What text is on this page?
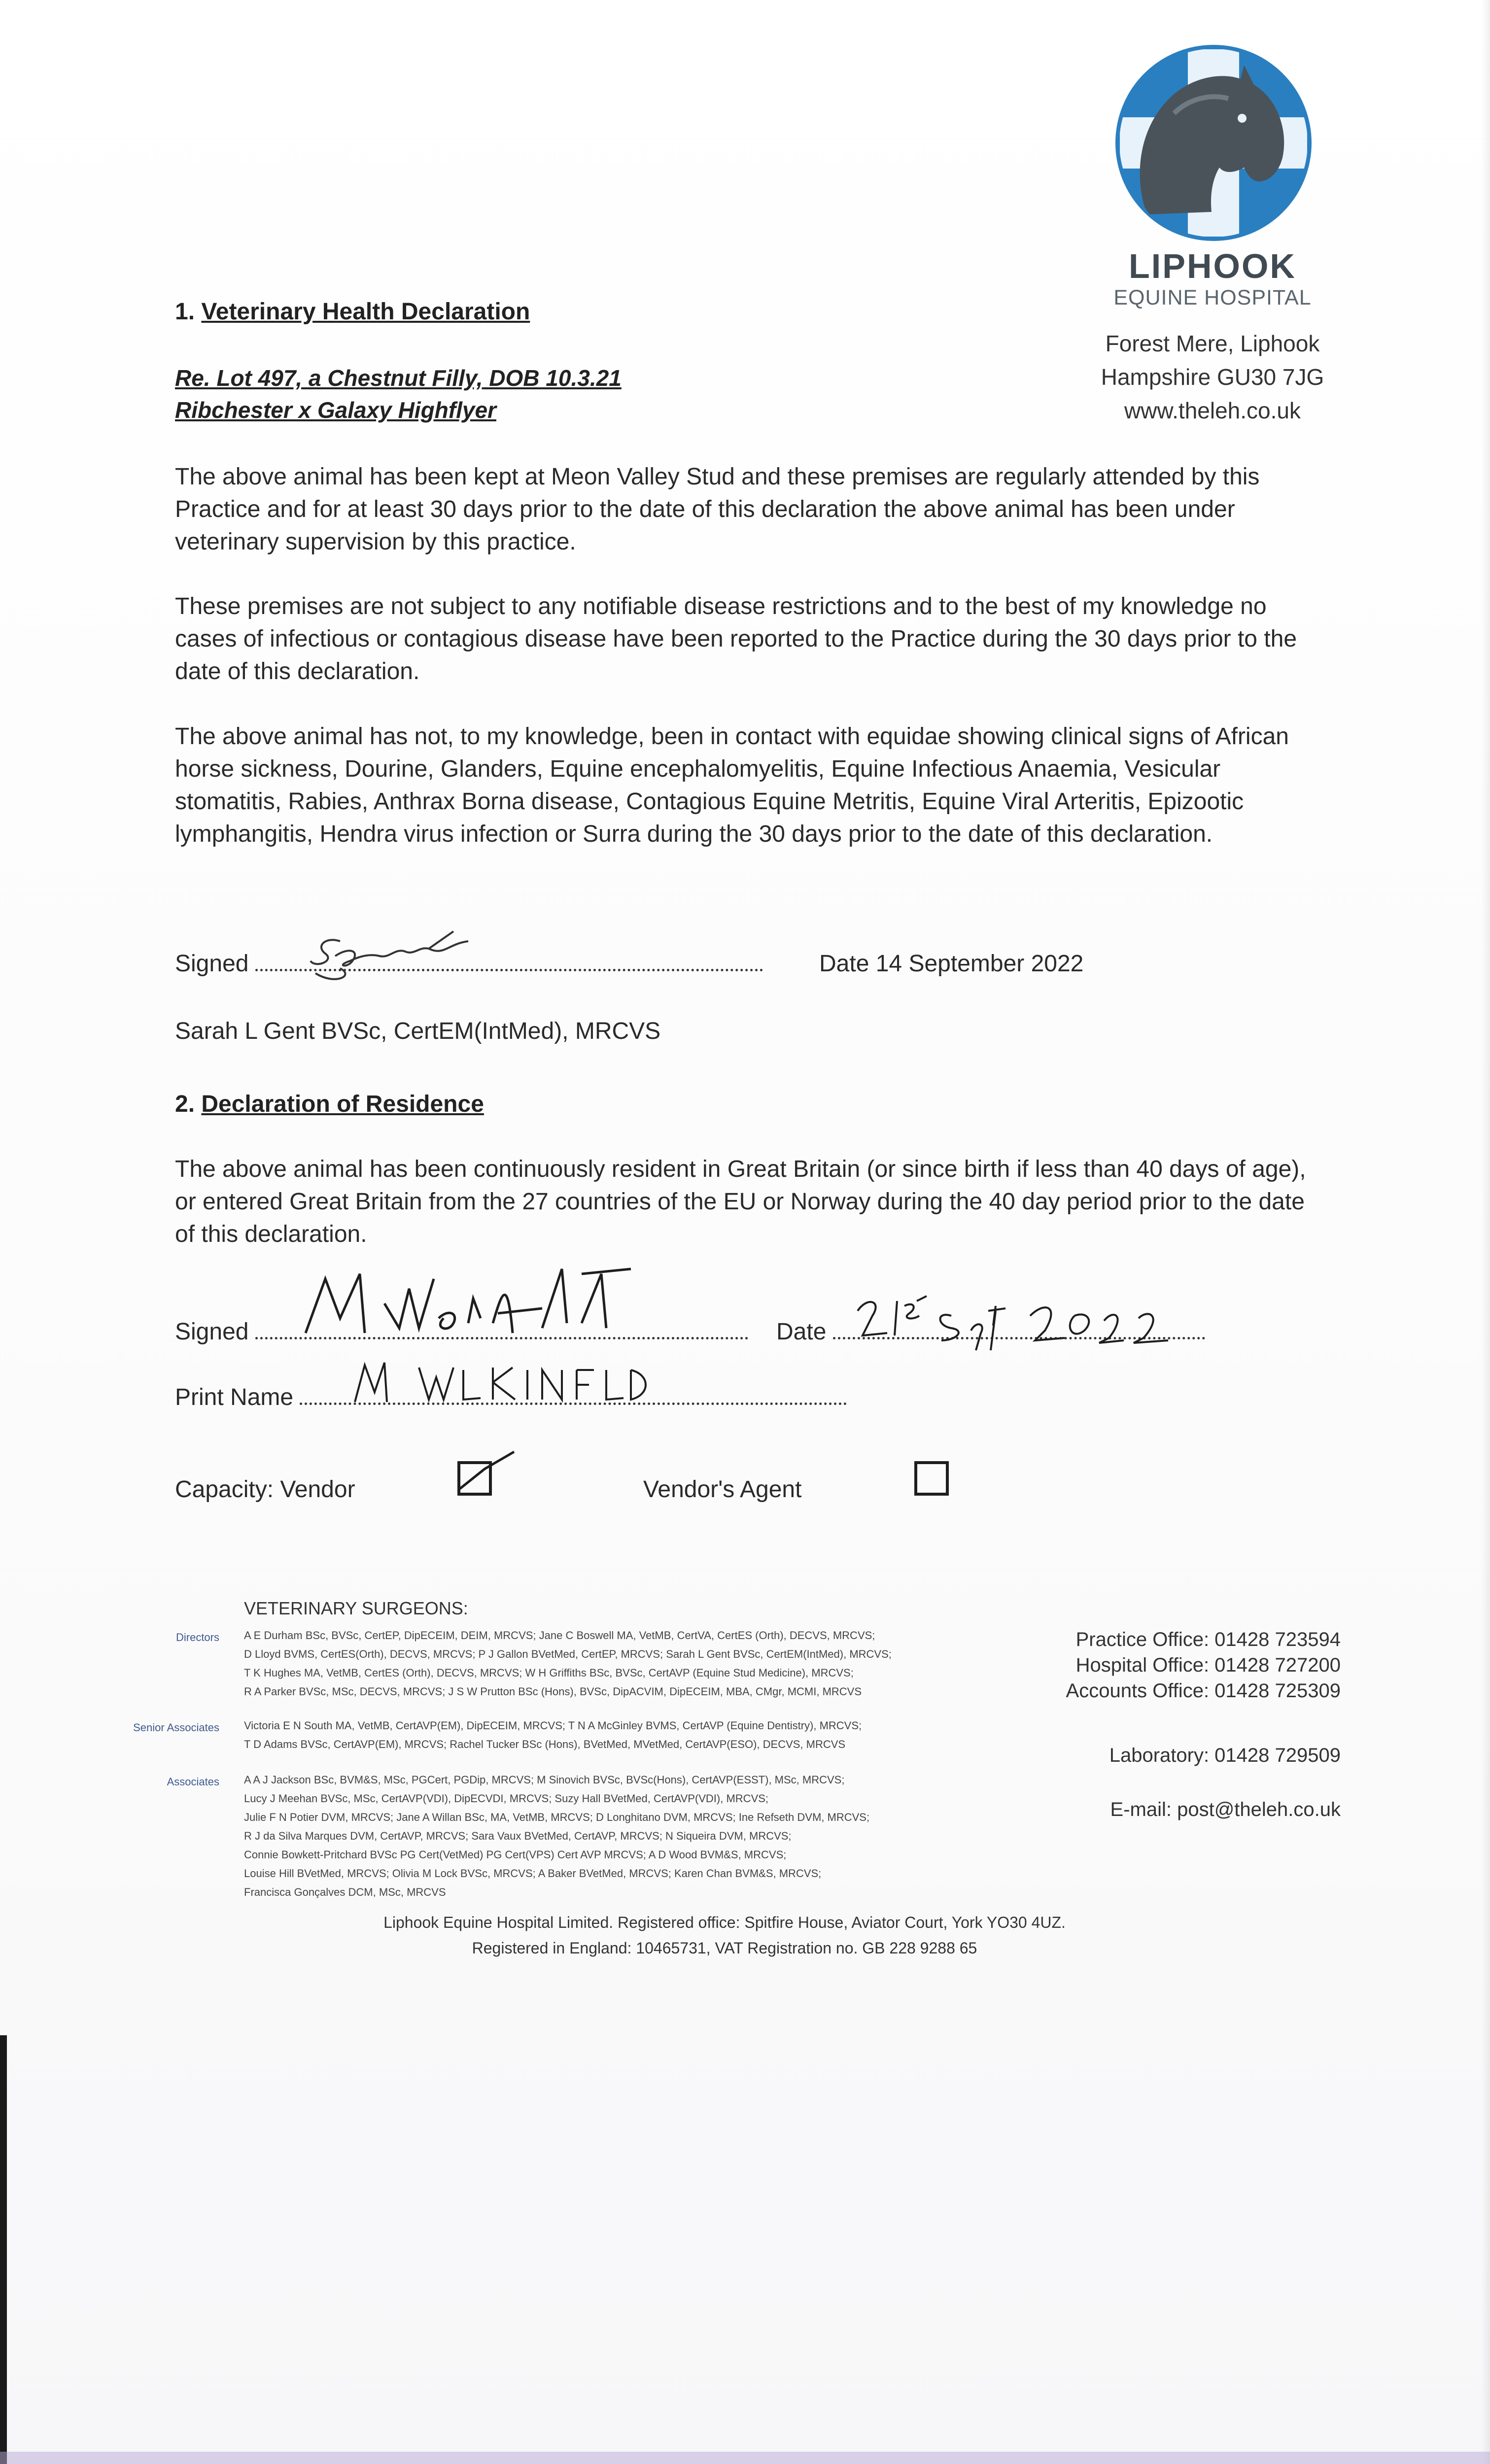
LIPHOOK
EQUINE HOSPITAL
Forest Mere, Liphook
Hampshire GU30 7JG
www.theleh.co.uk
1. Veterinary Health Declaration
Re. Lot 497, a Chestnut Filly, DOB 10.3.21
Ribchester x Galaxy Highflyer
The above animal has been kept at Meon Valley Stud and these premises are regularly attended by this Practice and for at least 30 days prior to the date of this declaration the above animal has been under veterinary supervision by this practice.
These premises are not subject to any notifiable disease restrictions and to the best of my knowledge no cases of infectious or contagious disease have been reported to the Practice during the 30 days prior to the date of this declaration.
The above animal has not, to my knowledge, been in contact with equidae showing clinical signs of African horse sickness, Dourine, Glanders, Equine encephalomyelitis, Equine Infectious Anaemia, Vesicular stomatitis, Rabies, Anthrax Borna disease, Contagious Equine Metritis, Equine Viral Arteritis, Epizootic lymphangitis, Hendra virus infection or Surra during the 30 days prior to the date of this declaration.
Signed	Date 14 September 2022
Sarah L Gent BVSc, CertEM(IntMed), MRCVS
2. Declaration of Residence
The above animal has been continuously resident in Great Britain (or since birth if less than 40 days of age), or entered Great Britain from the 27 countries of the EU or Norway during the 40 day period prior to the date of this declaration.
Signed	Date
Print Name
Capacity: Vendor	Vendor's Agent
VETERINARY SURGEONS:
Directors A E Durham BSc, BVSc, CertEP, DipECEIM, DEIM, MRCVS; Jane C Boswell MA, VetMB, CertVA, CertES (Orth), DECVS, MRCVS;
D Lloyd BVMS, CertES(Orth), DECVS, MRCVS; P J Gallon BVetMed, CertEP, MRCVS; Sarah L Gent BVSc, CertEM(IntMed), MRCVS;
T K Hughes MA, VetMB, CertES (Orth), DECVS, MRCVS; W H Griffiths BSc, BVSc, CertAVP (Equine Stud Medicine), MRCVS;
R A Parker BVSc, MSc, DECVS, MRCVS; J S W Prutton BSc (Hons), BVSc, DipACVIM, DipECEIM, MBA, CMgr, MCMI, MRCVS
Senior Associates Victoria E N South MA, VetMB, CertAVP(EM), DipECEIM, MRCVS; T N A McGinley BVMS, CertAVP (Equine Dentistry), MRCVS;
T D Adams BVSc, CertAVP(EM), MRCVS; Rachel Tucker BSc (Hons), BVetMed, MVetMed, CertAVP(ESO), DECVS, MRCVS
Associates A A J Jackson BSc, BVM&S, MSc, PGCert, PGDip, MRCVS; M Sinovich BVSc, BVSc(Hons), CertAVP(ESST), MSc, MRCVS;
Lucy J Meehan BVSc, MSc, CertAVP(VDI), DipECVDI, MRCVS; Suzy Hall BVetMed, CertAVP(VDI), MRCVS;
Julie F N Potier DVM, MRCVS; Jane A Willan BSc, MA, VetMB, MRCVS; D Longhitano DVM, MRCVS; Ine Refseth DVM, MRCVS;
R J da Silva Marques DVM, CertAVP, MRCVS; Sara Vaux BVetMed, CertAVP, MRCVS; N Siqueira DVM, MRCVS;
Connie Bowkett-Pritchard BVSc PG Cert(VetMed) PG Cert(VPS) Cert AVP MRCVS; A D Wood BVM&S, MRCVS;
Louise Hill BVetMed, MRCVS; Olivia M Lock BVSc, MRCVS; A Baker BVetMed, MRCVS; Karen Chan BVM&S, MRCVS;
Francisca Gonçalves DCM, MSc, MRCVS
Practice Office: 01428 723594
Hospital Office: 01428 727200
Accounts Office: 01428 725309
Laboratory: 01428 729509
E-mail: post@theleh.co.uk
Liphook Equine Hospital Limited. Registered office: Spitfire House, Aviator Court, York YO30 4UZ.
Registered in England: 10465731, VAT Registration no. GB 228 9288 65
